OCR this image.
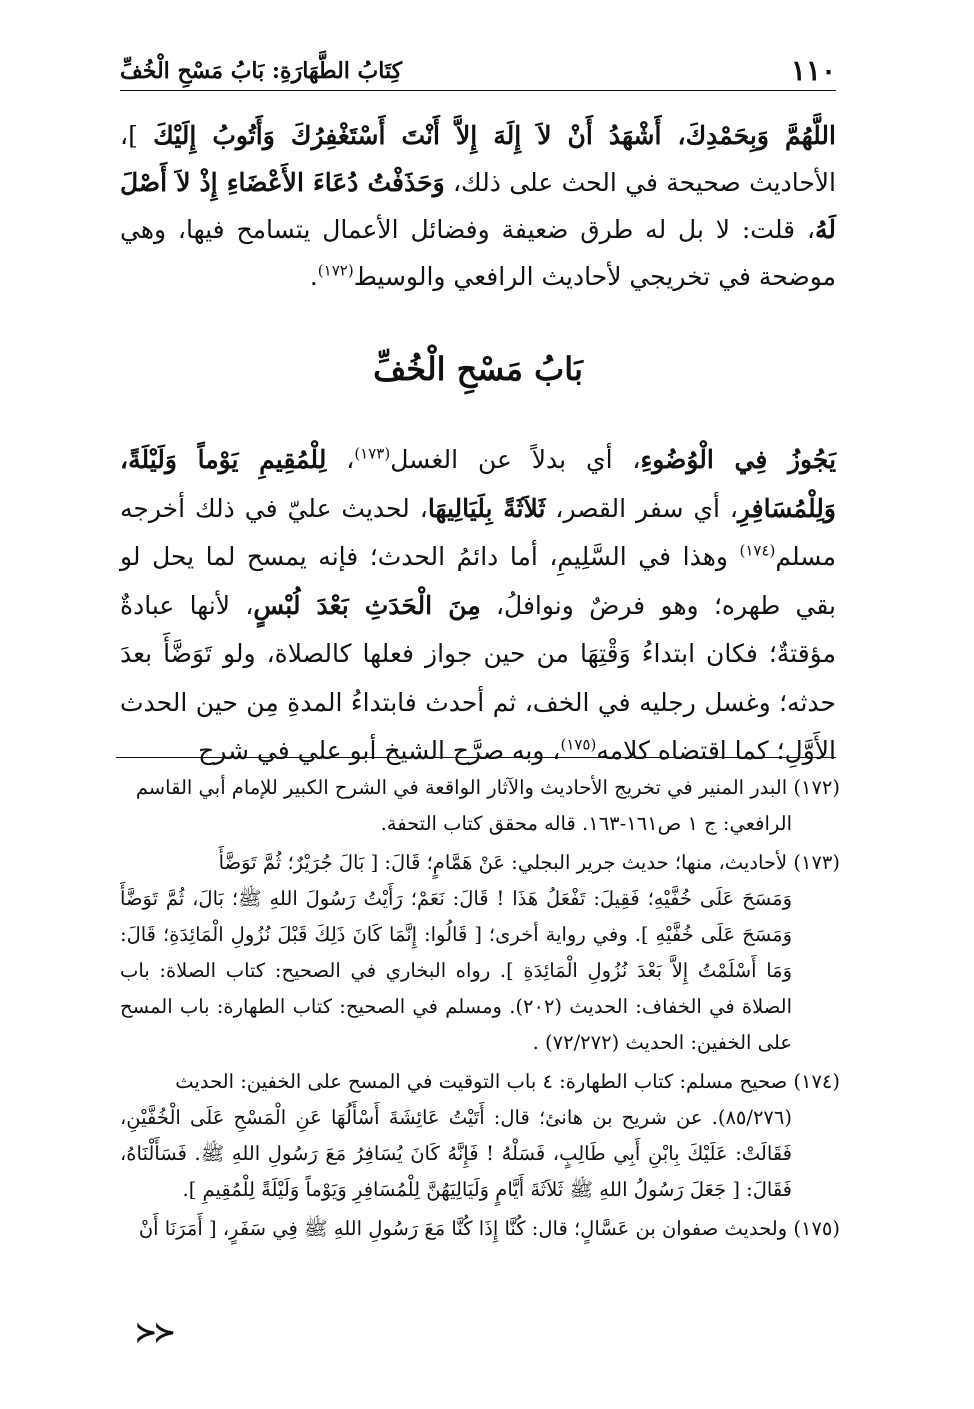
١١٠
كِتَابُ الطَّهَارَةِ: بَابُ مَسْحِ الْخُفِّ
اللَّهُمَّ وَبِحَمْدِكَ، أَشْهَدُ أَنْ لاَ إِلَهَ إِلاَّ أَنْتَ أَسْتَغْفِرُكَ وَأَتُوبُ إِلَيْكَ ]، الأحاديث صحيحة في الحث على ذلك، وَحَذَفْتُ دُعَاءَ الأَعْضَاءِ إِذْ لاَ أَصْلَ لَهُ، قلت: لا بل له طرق ضعيفة وفضائل الأعمال يتسامح فيها، وهي موضحة في تخريجي لأحاديث الرافعي والوسيط$^{(١٧٢)}$.
بَابُ مَسْحِ الْخُفِّ
يَجُوزُ فِي الْوُضُوءِ، أي بدلاً عن الغسل$^{(١٧٣)}$، لِلْمُقِيمِ يَوْماً وَلَيْلَةً، وَلِلْمُسَافِرِ، أي سفر القصر، ثَلاَثَةً بِلَيَالِيهَا، لحديث عليّ في ذلك أخرجه مسلم$^{(١٧٤)}$ وهذا في السَّلِيمِ، أما دائمُ الحدث؛ فإنه يمسح لما يحل لو بقي طهره؛ وهو فرضٌ ونوافلُ، مِنَ الْحَدَثِ بَعْدَ لُبْسٍ، لأنها عبادةٌ مؤقتةٌ؛ فكان ابتداءُ وَقْتِهَا من حين جواز فعلها كالصلاة، ولو تَوَضَّأَ بعدَ حدثه؛ وغسل رجليه في الخف، ثم أحدث فابتداءُ المدةِ مِن حين الحدث الأَوَّلِ؛ كما اقتضاه كلامه$^{(١٧٥)}$، وبه صرَّح الشيخ أبو علي في شرح
(١٧٢) البدر المنير في تخريج الأحاديث والآثار الواقعة في الشرح الكبير للإمام أبي القاسم
الرافعي: ج ١ ص١٦١-١٦٣. قاله محقق كتاب التحفة.
(١٧٣) لأحاديث، منها؛ حديث جرير البجلي: عَنْ هَمَّامٍ؛ قَالَ: [ بَالَ جُرَيْرٌ؛ ثُمَّ تَوَضَّأَ
وَمَسَحَ عَلَى خُفَّيْهِ؛ فَقِيلَ: تَفْعَلُ هَذَا ! قَالَ: نَعَمْ؛ رَأَيْتُ رَسُولَ اللهِ ﷺ؛ بَالَ، ثُمَّ تَوَضَّأَ وَمَسَحَ عَلَى خُفَّيْهِ ]. وفي رواية أخرى؛ [ قَالُوا: إِنَّمَا كَانَ ذَلِكَ قَبْلَ نُزُولِ الْمَائِدَةِ؛ قَالَ: وَمَا أَسْلَمْتُ إِلاَّ بَعْدَ نُزُولِ الْمَائِدَةِ ]. رواه البخاري في الصحيح: كتاب الصلاة: باب الصلاة في الخفاف: الحديث (٢٠٢). ومسلم في الصحيح: كتاب الطهارة: باب المسح على الخفين: الحديث (٧٢/٢٧٢) .
(١٧٤) صحيح مسلم: كتاب الطهارة: ٤ باب التوقيت في المسح على الخفين: الحديث
(٨٥/٢٧٦). عن شريح بن هانئ؛ قال: أَتَيْتُ عَائِشَةَ أَسْأَلُهَا عَنِ الْمَسْحِ عَلَى الْخُفَّيْنِ، فَقَالَتْ: عَلَيْكَ بِابْنِ أَبِي طَالِبٍ، فَسَلْهُ ! فَإِنَّهُ كَانَ يُسَافِرُ مَعَ رَسُولِ اللهِ ﷺ. فَسَأَلْنَاهُ، فَقَالَ: [ جَعَلَ رَسُولُ اللهِ ﷺ ثَلاَثَةَ أَيَّامٍ وَلَيَالِيَهُنَّ لِلْمُسَافِرِ وَيَوْماً وَلَيْلَةً لِلْمُقِيمِ ].
(١٧٥) ولحديث صفوان بن عَسَّالٍ؛ قال: كُنَّا إِذَا كُنَّا مَعَ رَسُولِ اللهِ ﷺ فِي سَفَرٍ، [ أَمَرَنَا أَنْ
≺≺
